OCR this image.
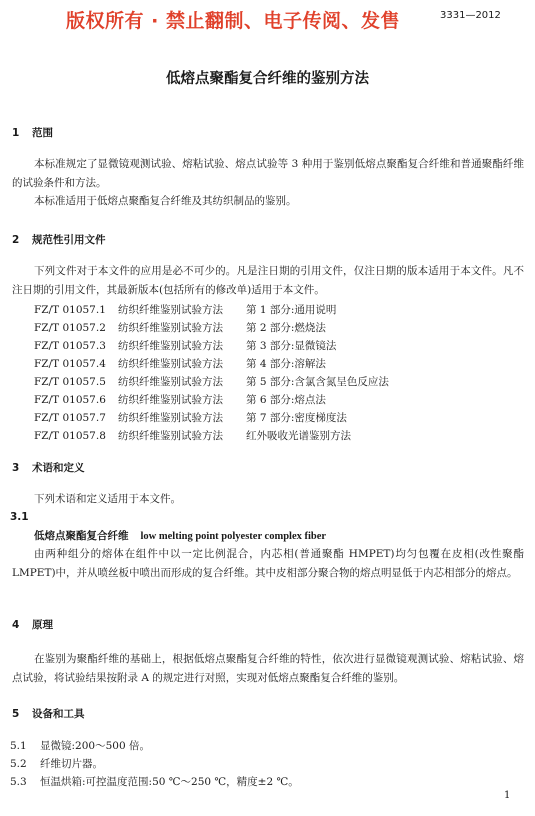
版权所有 · 禁止翻制、电子传阅、发售	3331—2012
低熔点聚酯复合纤维的鉴别方法
1 范围
本标准规定了显微镜观测试验、熔粘试验、熔点试验等 3 种用于鉴别低熔点聚酯复合纤维和普通聚酯纤维的试验条件和方法。
本标准适用于低熔点聚酯复合纤维及其纺织制品的鉴别。
2 规范性引用文件
下列文件对于本文件的应用是必不可少的。凡是注日期的引用文件，仅注日期的版本适用于本文件。凡不注日期的引用文件，其最新版本(包括所有的修改单)适用于本文件。
FZ/T 01057.1 纺织纤维鉴别试验方法 第 1 部分:通用说明
FZ/T 01057.2 纺织纤维鉴别试验方法 第 2 部分:燃烧法
FZ/T 01057.3 纺织纤维鉴别试验方法 第 3 部分:显微镜法
FZ/T 01057.4 纺织纤维鉴别试验方法 第 4 部分:溶解法
FZ/T 01057.5 纺织纤维鉴别试验方法 第 5 部分:含氯含氮呈色反应法
FZ/T 01057.6 纺织纤维鉴别试验方法 第 6 部分:熔点法
FZ/T 01057.7 纺织纤维鉴别试验方法 第 7 部分:密度梯度法
FZ/T 01057.8 纺织纤维鉴别试验方法 红外吸收光谱鉴别方法
3 术语和定义
下列术语和定义适用于本文件。
3.1
低熔点聚酯复合纤维 low melting point polyester complex fiber
由两种组分的熔体在组件中以一定比例混合，内芯相(普通聚酯 HMPET)均匀包覆在皮相(改性聚酯 LMPET)中，并从喷丝板中喷出而形成的复合纤维。其中皮相部分聚合物的熔点明显低于内芯相部分的熔点。
4 原理
在鉴别为聚酯纤维的基础上，根据低熔点聚酯复合纤维的特性，依次进行显微镜观测试验、熔粘试验、熔点试验，将试验结果按附录 A 的规定进行对照，实现对低熔点聚酯复合纤维的鉴别。
5 设备和工具
5.1 显微镜:200～500 倍。
5.2 纤维切片器。
5.3 恒温烘箱:可控温度范围:50 ℃～250 ℃，精度±2 ℃。
1
